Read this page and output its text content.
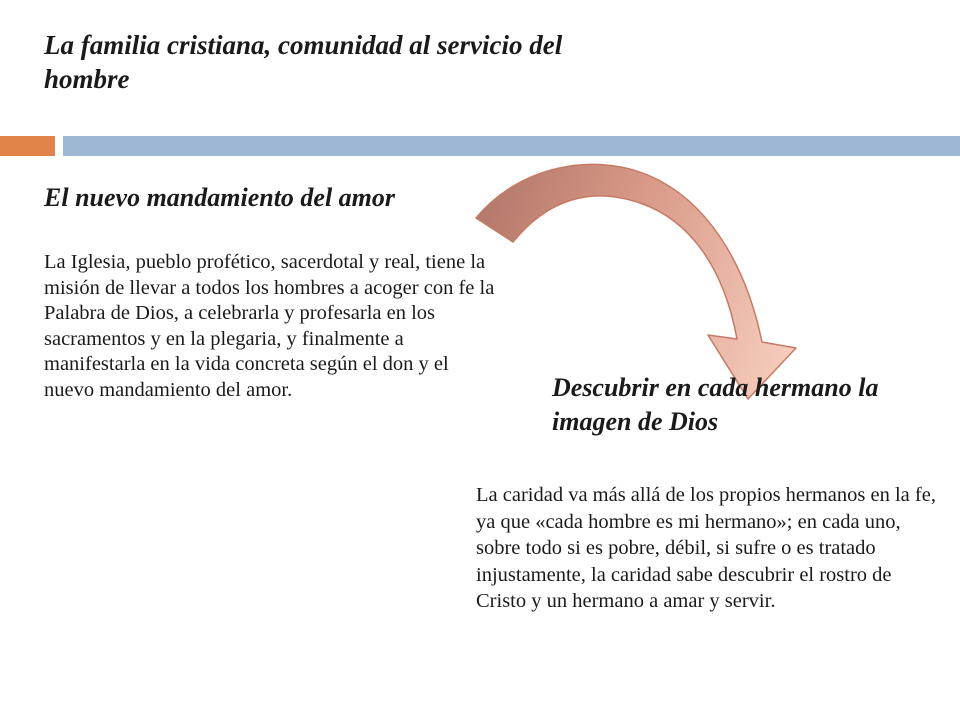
La familia cristiana, comunidad al servicio del hombre
El nuevo mandamiento del amor

La Iglesia, pueblo profético, sacerdotal y real, tiene la misión de llevar a todos los hombres a acoger con fe la Palabra de Dios, a celebrarla y profesarla en los sacramentos y en la plegaria, y finalmente a manifestarla en la vida concreta según el don y el nuevo mandamiento del amor.	Descubrir en cada hermano la imagen de Dios

La caridad va más allá de los propios hermanos en la fe, ya que «cada hombre es mi hermano»; en cada uno, sobre todo si es pobre, débil, si sufre o es tratado injustamente, la caridad sabe descubrir el rostro de Cristo y un hermano a amar y servir.
